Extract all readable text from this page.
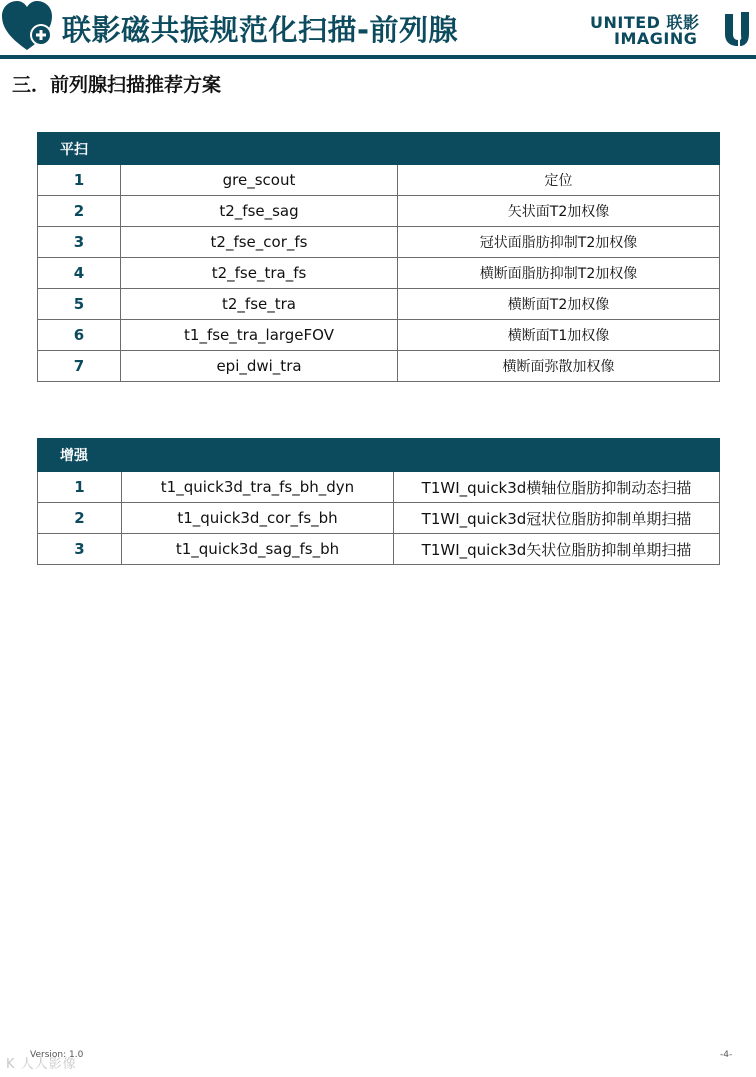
联影磁共振规范化扫描-前列腺	UNITED 联影
IMAGING
三．前列腺扫描推荐方案
平扫		
1	gre_scout	定位
2	t2_fse_sag	矢状面T2加权像
3	t2_fse_cor_fs	冠状面脂肪抑制T2加权像
4	t2_fse_tra_fs	横断面脂肪抑制T2加权像
5	t2_fse_tra	横断面T2加权像
6	t1_fse_tra_largeFOV	横断面T1加权像
7	epi_dwi_tra	横断面弥散加权像
增强		
1	t1_quick3d_tra_fs_bh_dyn	T1WI_quick3d横轴位脂肪抑制动态扫描
2	t1_quick3d_cor_fs_bh	T1WI_quick3d冠状位脂肪抑制单期扫描
3	t1_quick3d_sag_fs_bh	T1WI_quick3d矢状位脂肪抑制单期扫描
K 人人影像
Version: 1.0	-4-
